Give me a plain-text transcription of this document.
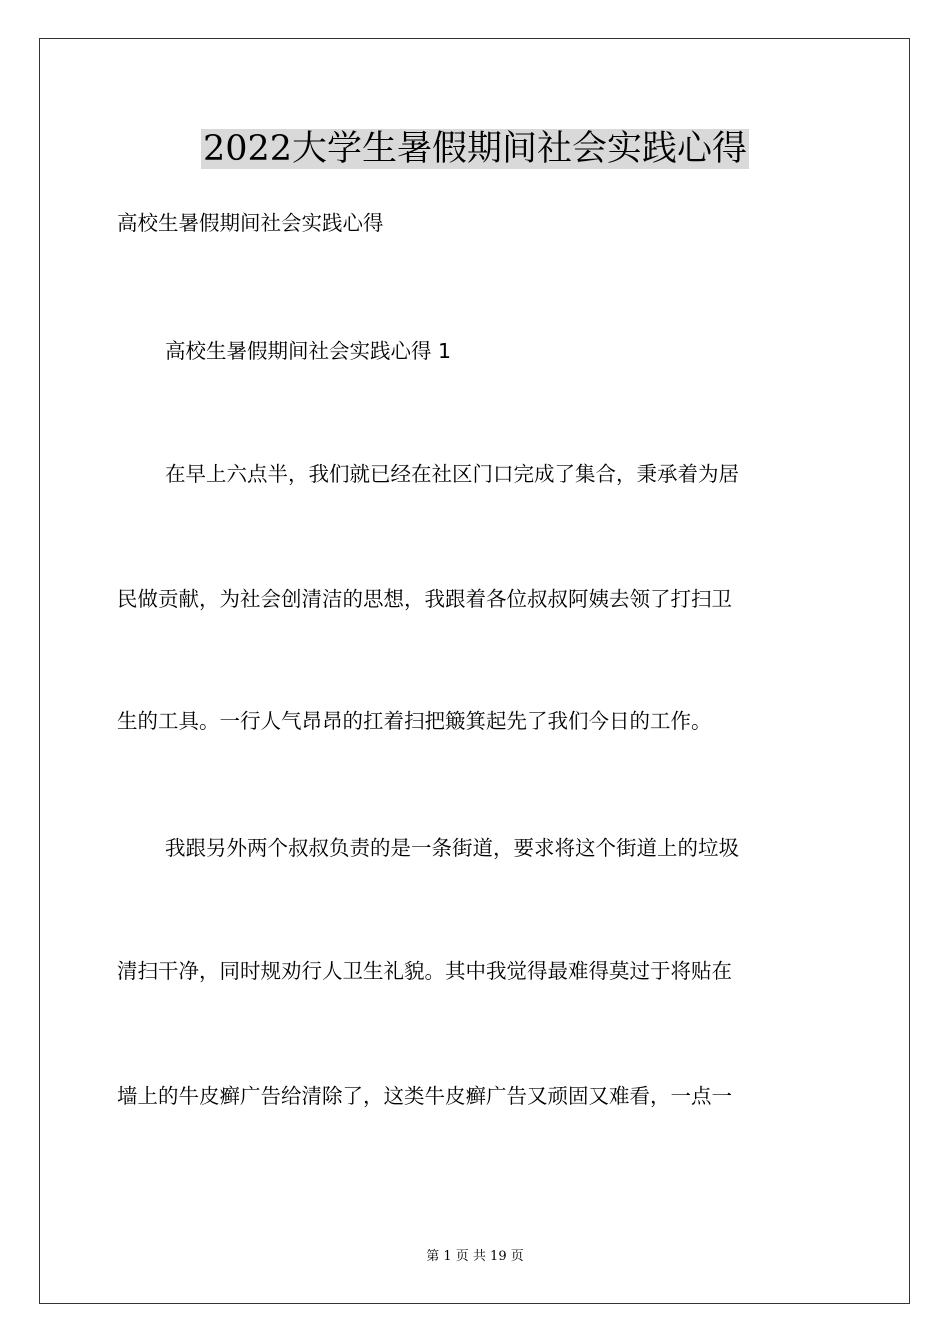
2022大学生暑假期间社会实践心得
高校生暑假期间社会实践心得
高校生暑假期间社会实践心得 1
在早上六点半，我们就已经在社区门口完成了集合，秉承着为居
民做贡献，为社会创清洁的思想，我跟着各位叔叔阿姨去领了打扫卫
生的工具。一行人气昂昂的扛着扫把簸箕起先了我们今日的工作。
我跟另外两个叔叔负责的是一条街道，要求将这个街道上的垃圾
清扫干净，同时规劝行人卫生礼貌。其中我觉得最难得莫过于将贴在
墙上的牛皮癣广告给清除了，这类牛皮癣广告又顽固又难看，一点一
第 1 页 共 19 页
